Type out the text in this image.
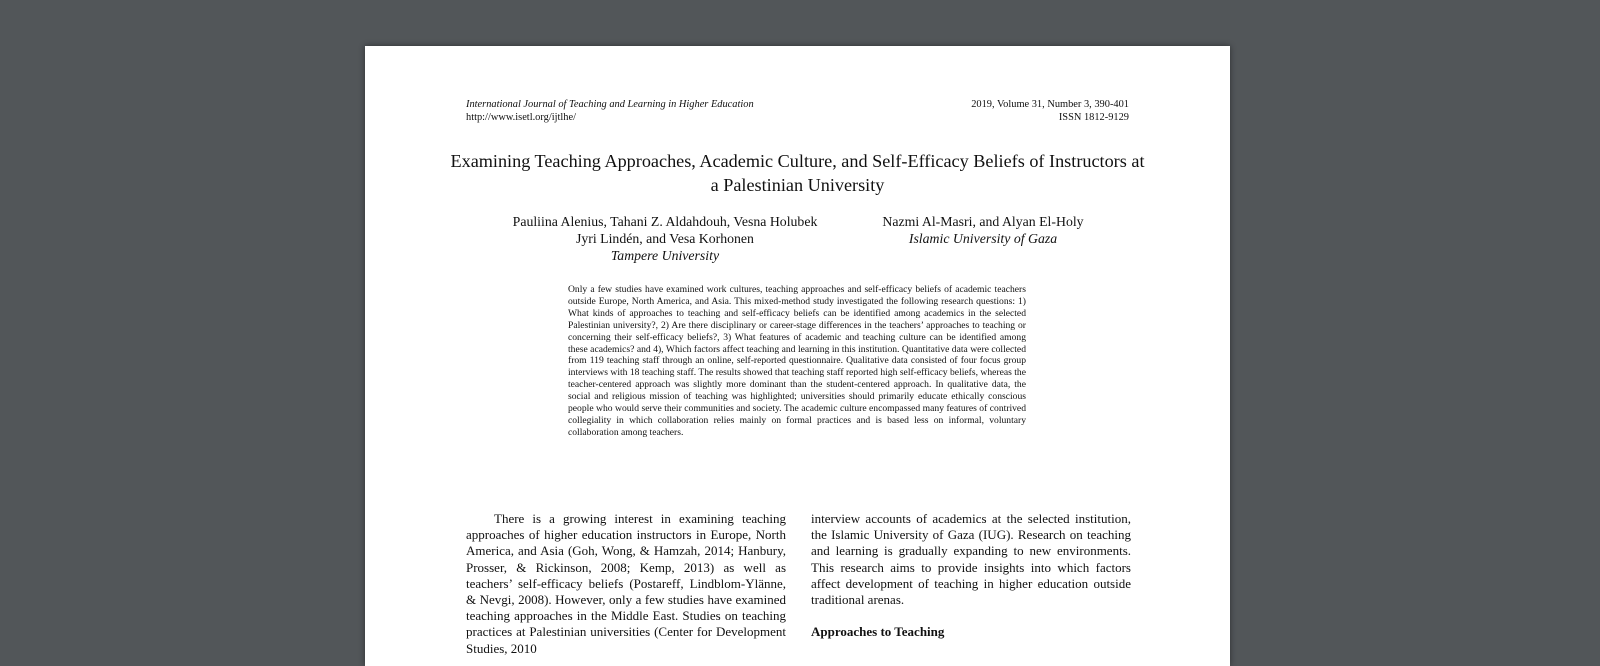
International Journal of Teaching and Learning in Higher Education
http://www.isetl.org/ijtlhe/
2019, Volume 31, Number 3, 390-401
ISSN 1812-9129
Examining Teaching Approaches, Academic Culture, and Self-Efficacy Beliefs of Instructors at a Palestinian University
Pauliina Alenius, Tahani Z. Aldahdouh, Vesna Holubek
Jyri Lindén, and Vesa Korhonen
Tampere University
Nazmi Al-Masri, and Alyan El-Holy
Islamic University of Gaza
Only a few studies have examined work cultures, teaching approaches and self-efficacy beliefs of academic teachers outside Europe, North America, and Asia. This mixed-method study investigated the following research questions: 1) What kinds of approaches to teaching and self-efficacy beliefs can be identified among academics in the selected Palestinian university?, 2) Are there disciplinary or career-stage differences in the teachers’ approaches to teaching or concerning their self-efficacy beliefs?, 3) What features of academic and teaching culture can be identified among these academics? and 4), Which factors affect teaching and learning in this institution. Quantitative data were collected from 119 teaching staff through an online, self-reported questionnaire. Qualitative data consisted of four focus group interviews with 18 teaching staff. The results showed that teaching staff reported high self-efficacy beliefs, whereas the teacher-centered approach was slightly more dominant than the student-centered approach. In qualitative data, the social and religious mission of teaching was highlighted; universities should primarily educate ethically conscious people who would serve their communities and society. The academic culture encompassed many features of contrived collegiality in which collaboration relies mainly on formal practices and is based less on informal, voluntary collaboration among teachers.

There is a growing interest in examining teaching approaches of higher education instructors in Europe, North America, and Asia (Goh, Wong, & Hamzah, 2014; Hanbury, Prosser, & Rickinson, 2008; Kemp, 2013) as well as teachers’ self-efficacy beliefs (Postareff, Lindblom-Ylänne, & Nevgi, 2008). However, only a few studies have examined teaching approaches in the Middle East. Studies on teaching practices at Palestinian universities (Center for Development Studies, 2010

interview accounts of academics at the selected institution, the Islamic University of Gaza (IUG). Research on teaching and learning is gradually expanding to new environments. This research aims to provide insights into which factors affect development of teaching in higher education outside traditional arenas.

Approaches to Teaching
